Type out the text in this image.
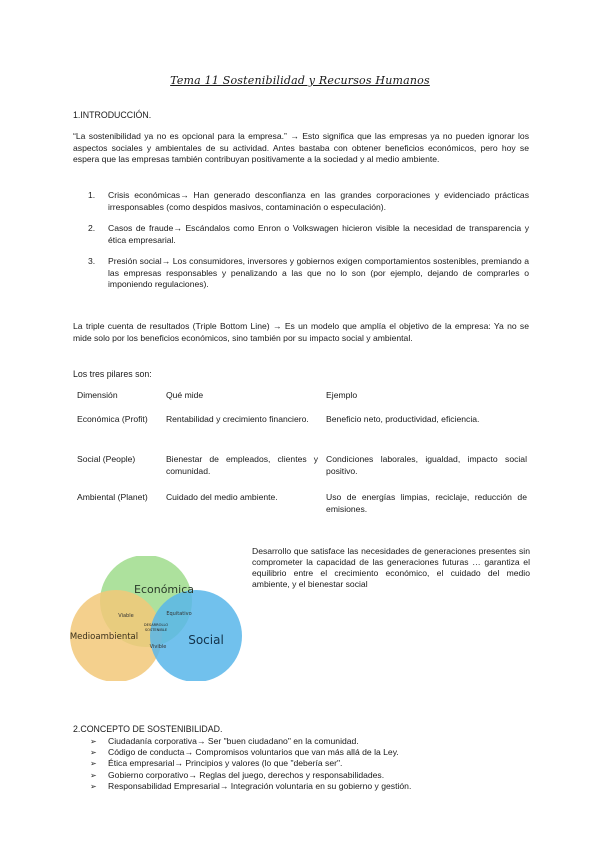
Tema 11 Sostenibilidad y Recursos Humanos
1.INTRODUCCIÓN.
“La sostenibilidad ya no es opcional para la empresa.” → Esto significa que las empresas ya no pueden ignorar los aspectos sociales y ambientales de su actividad. Antes bastaba con obtener beneficios económicos, pero hoy se espera que las empresas también contribuyan positivamente a la sociedad y al medio ambiente.
1. Crisis económicas→ Han generado desconfianza en las grandes corporaciones y evidenciado prácticas irresponsables (como despidos masivos, contaminación o especulación).
2. Casos de fraude→ Escándalos como Enron o Volkswagen hicieron visible la necesidad de transparencia y ética empresarial.
3. Presión social→ Los consumidores, inversores y gobiernos exigen comportamientos sostenibles, premiando a las empresas responsables y penalizando a las que no lo son (por ejemplo, dejando de comprarles o imponiendo regulaciones).
La triple cuenta de resultados (Triple Bottom Line) → Es un modelo que amplía el objetivo de la empresa: Ya no se mide solo por los beneficios económicos, sino también por su impacto social y ambiental.
Los tres pilares son:
Dimensión	Qué mide	Ejemplo
Económica (Profit)	Rentabilidad y crecimiento financiero.	Beneficio neto, productividad, eficiencia.
Social (People)	Bienestar de empleados, clientes y comunidad.	Condiciones laborales, igualdad, impacto social positivo.
Ambiental (Planet)	Cuidado del medio ambiente.	Uso de energías limpias, reciclaje, reducción de emisiones.
Económica
Medioambiental	Social
Viable	Equitativo
Vivible
DESARROLLO
SOSTENIBLE
Desarrollo que satisface las necesidades de generaciones presentes sin comprometer la capacidad de las generaciones futuras … garantiza el equilibrio entre el crecimiento económico, el cuidado del medio ambiente, y el bienestar social
2.CONCEPTO DE SOSTENIBILIDAD.
➢ Ciudadanía corporativa→ Ser "buen ciudadano" en la comunidad.
➢ Código de conducta→ Compromisos voluntarios que van más allá de la Ley.
➢ Ética empresarial→ Principios y valores (lo que "debería ser".
➢ Gobierno corporativo→ Reglas del juego, derechos y responsabilidades.
➢ Responsabilidad Empresarial→ Integración voluntaria en su gobierno y gestión.
